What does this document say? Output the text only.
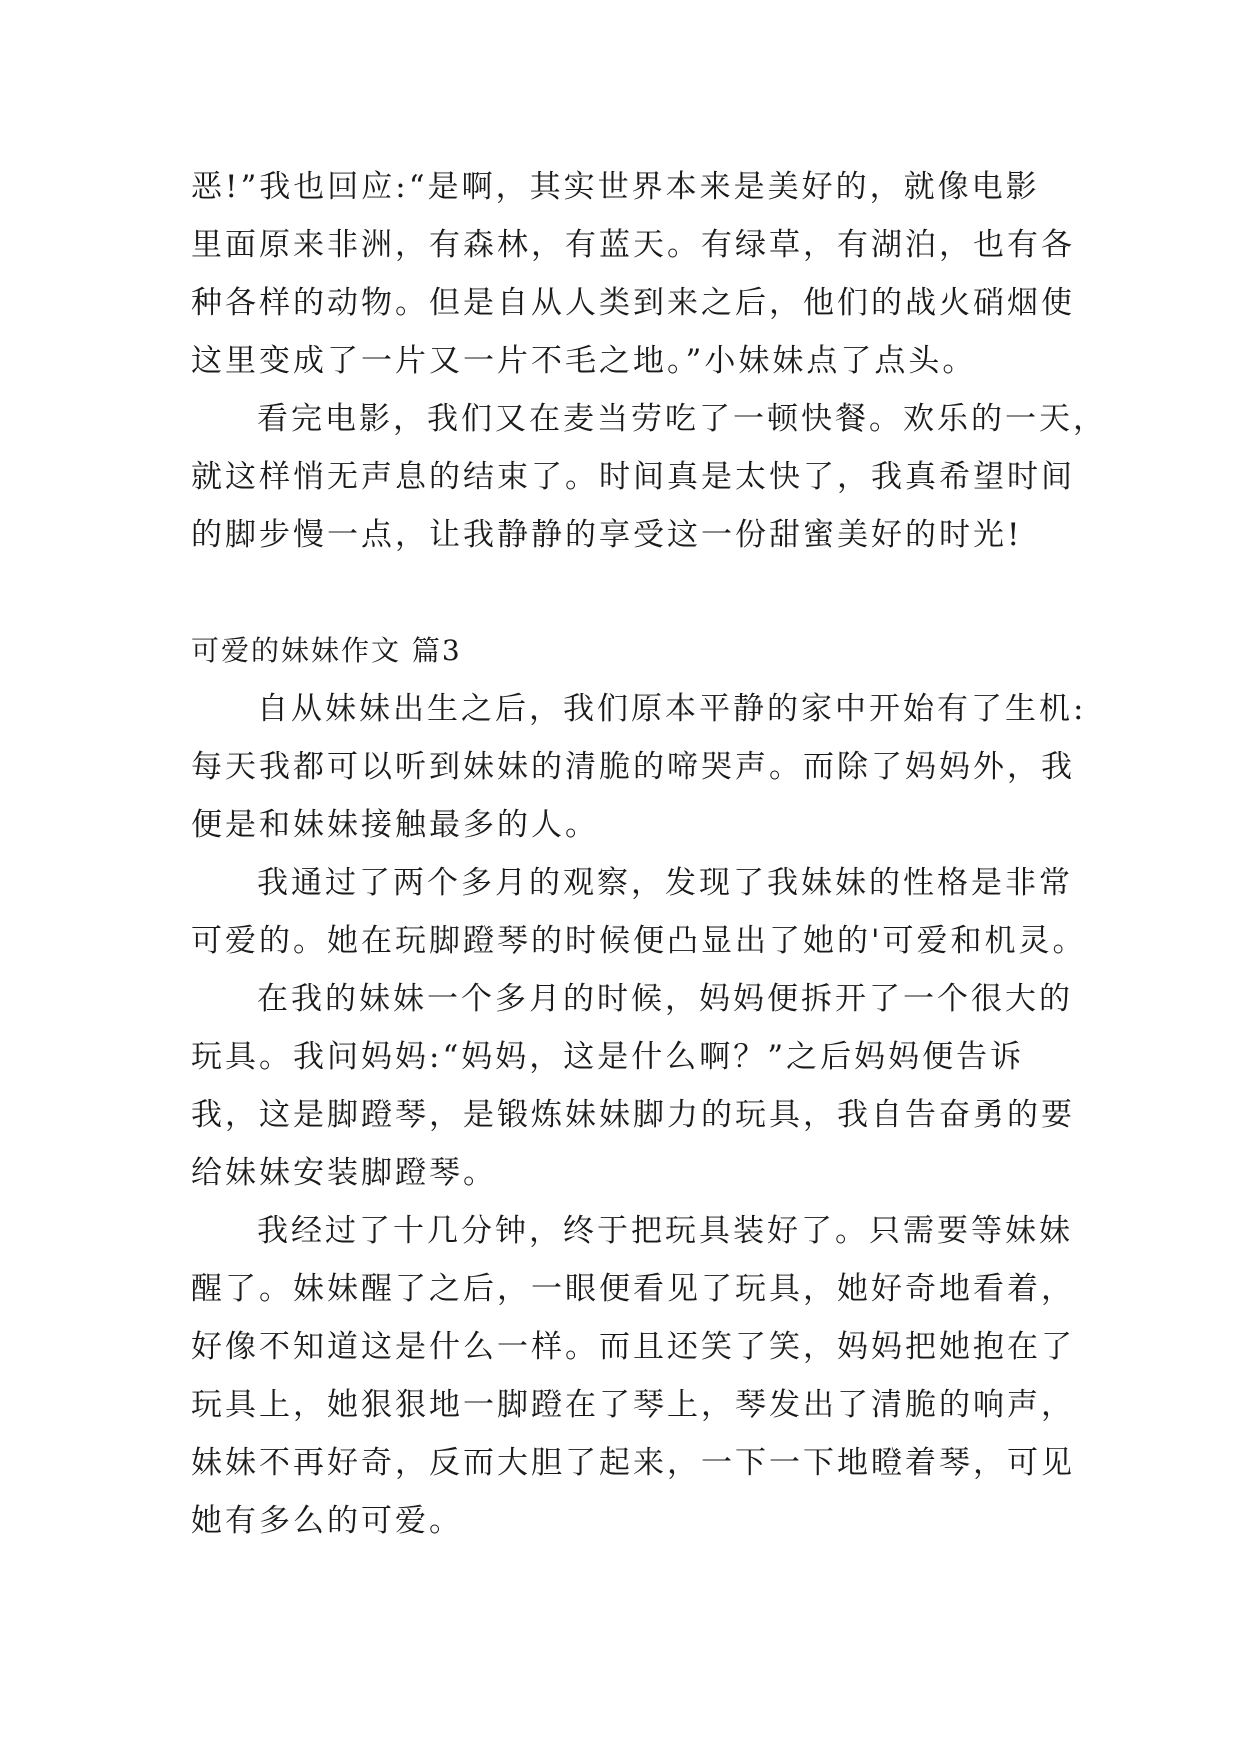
恶!”我也回应:“是啊，其实世界本来是美好的，就像电影
里面原来非洲，有森林，有蓝天。有绿草，有湖泊，也有各
种各样的动物。但是自从人类到来之后，他们的战火硝烟使
这里变成了一片又一片不毛之地。”小妹妹点了点头。
看完电影，我们又在麦当劳吃了一顿快餐。欢乐的一天，
就这样悄无声息的结束了。时间真是太快了，我真希望时间
的脚步慢一点，让我静静的享受这一份甜蜜美好的时光!
可爱的妹妹作文 篇3
自从妹妹出生之后，我们原本平静的家中开始有了生机:
每天我都可以听到妹妹的清脆的啼哭声。而除了妈妈外，我
便是和妹妹接触最多的人。
我通过了两个多月的观察，发现了我妹妹的性格是非常
可爱的。她在玩脚蹬琴的时候便凸显出了她的'可爱和机灵。
在我的妹妹一个多月的时候，妈妈便拆开了一个很大的
玩具。我问妈妈:“妈妈，这是什么啊？”之后妈妈便告诉
我，这是脚蹬琴，是锻炼妹妹脚力的玩具，我自告奋勇的要
给妹妹安装脚蹬琴。
我经过了十几分钟，终于把玩具装好了。只需要等妹妹
醒了。妹妹醒了之后，一眼便看见了玩具，她好奇地看着，
好像不知道这是什么一样。而且还笑了笑，妈妈把她抱在了
玩具上，她狠狠地一脚蹬在了琴上，琴发出了清脆的响声，
妹妹不再好奇，反而大胆了起来，一下一下地瞪着琴，可见
她有多么的可爱。
